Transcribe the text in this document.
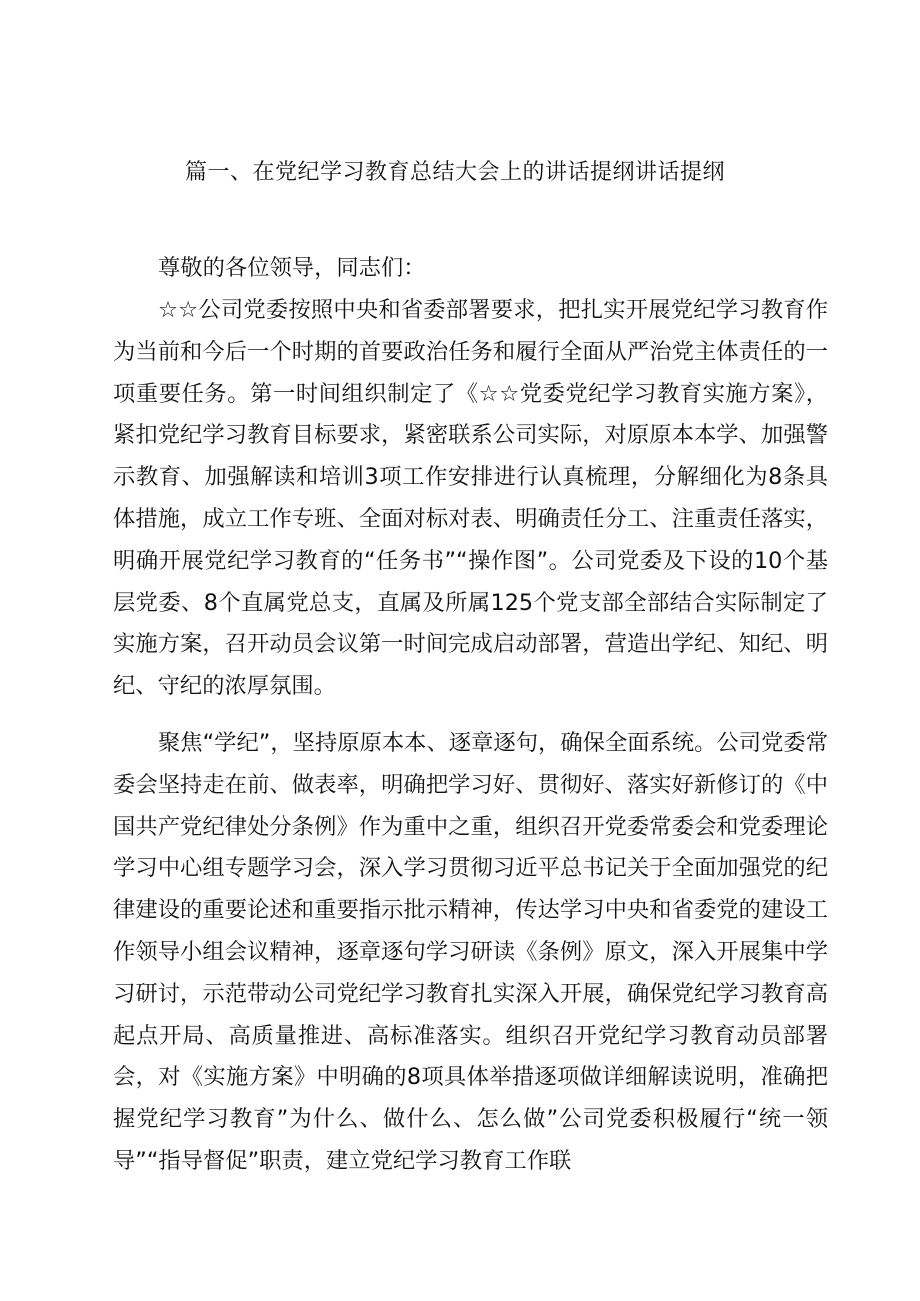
篇一、在党纪学习教育总结大会上的讲话提纲讲话提纲

尊敬的各位领导，同志们：

☆☆公司党委按照中央和省委部署要求，把扎实开展党纪学习教育作为当前和今后一个时期的首要政治任务和履行全面从严治党主体责任的一项重要任务。第一时间组织制定了《☆☆党委党纪学习教育实施方案》，紧扣党纪学习教育目标要求，紧密联系公司实际，对原原本本学、加强警示教育、加强解读和培训3项工作安排进行认真梳理，分解细化为8条具体措施，成立工作专班、全面对标对表、明确责任分工、注重责任落实，明确开展党纪学习教育的“任务书”“操作图”。公司党委及下设的10个基层党委、8个直属党总支，直属及所属125个党支部全部结合实际制定了实施方案，召开动员会议第一时间完成启动部署，营造出学纪、知纪、明纪、守纪的浓厚氛围。

聚焦“学纪”，坚持原原本本、逐章逐句，确保全面系统。公司党委常委会坚持走在前、做表率，明确把学习好、贯彻好、落实好新修订的《中国共产党纪律处分条例》作为重中之重，组织召开党委常委会和党委理论学习中心组专题学习会，深入学习贯彻习近平总书记关于全面加强党的纪律建设的重要论述和重要指示批示精神，传达学习中央和省委党的建设工作领导小组会议精神，逐章逐句学习研读《条例》原文，深入开展集中学习研讨，示范带动公司党纪学习教育扎实深入开展，确保党纪学习教育高起点开局、高质量推进、高标准落实。组织召开党纪学习教育动员部署会，对《实施方案》中明确的8项具体举措逐项做详细解读说明，准确把握党纪学习教育”为什么、做什么、怎么做”公司党委积极履行“统一领导”“指导督促”职责，建立党纪学习教育工作联
